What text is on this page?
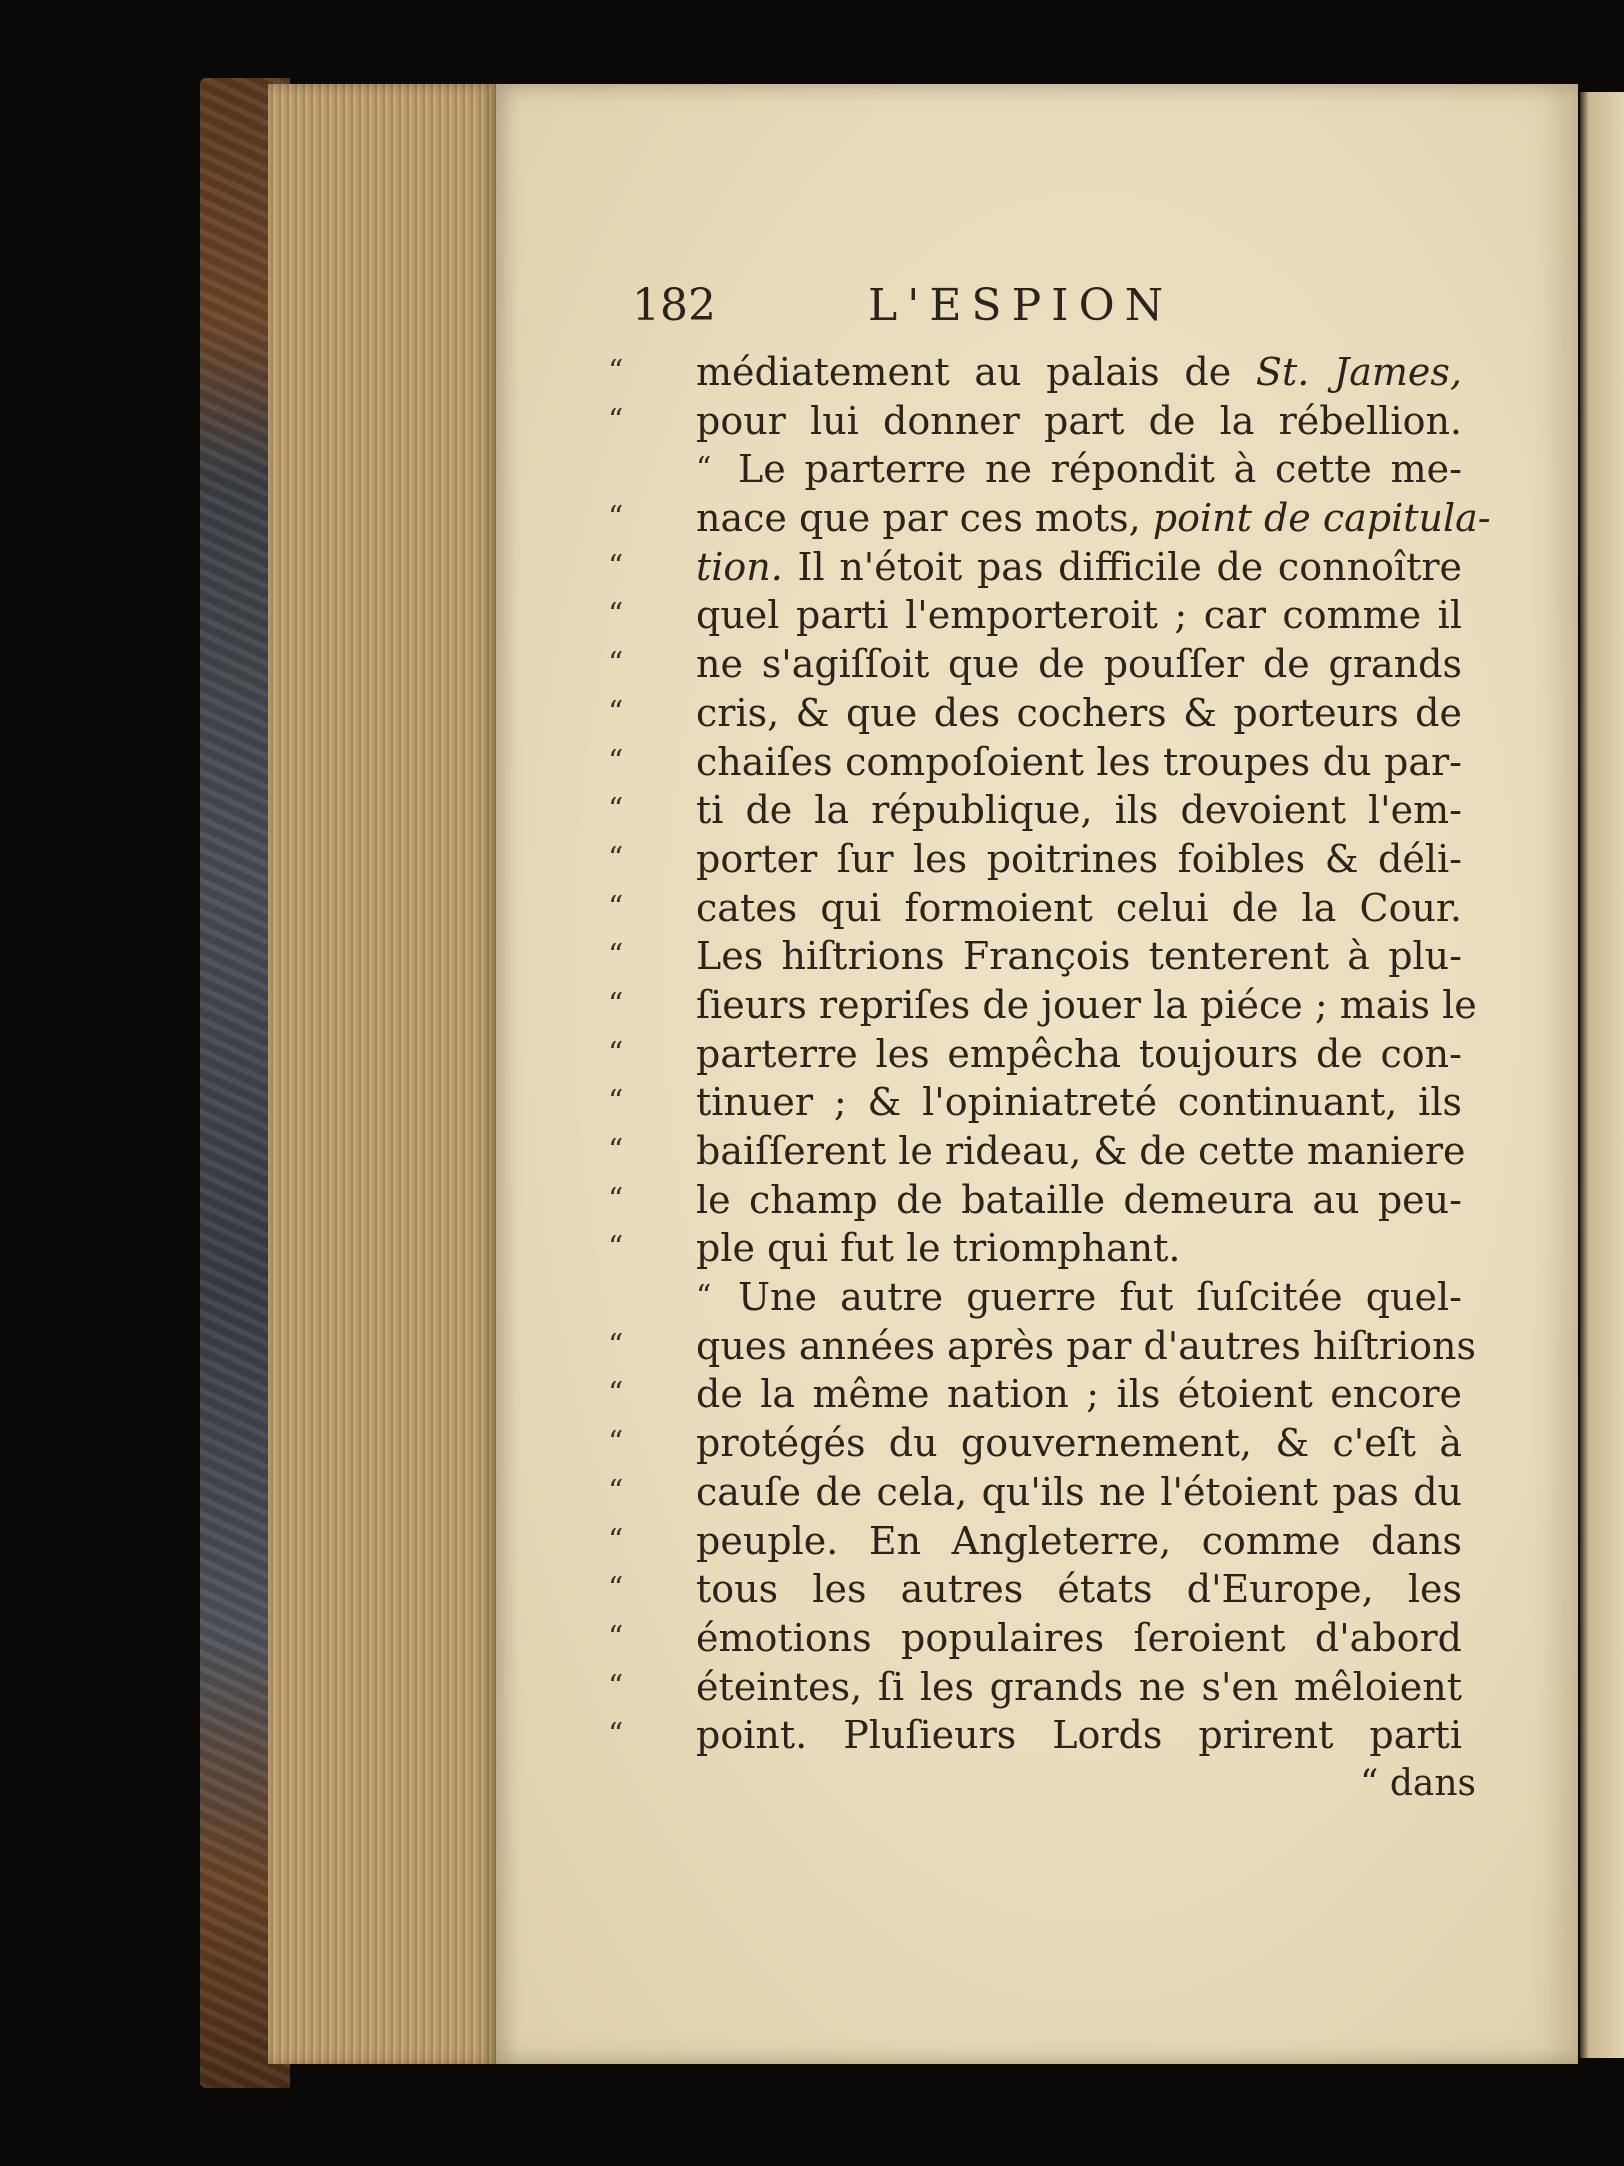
182	L'ESPION
“	médiatement au palais de St. James,
“	pour lui donner part de la rébellion.
“ Le parterre ne répondit à cette me-
“	nace que par ces mots, point de capitula-
“	tion. Il n'étoit pas difficile de connoître
“	quel parti l'emporteroit ; car comme il
“	ne s'agiſſoit que de pouſſer de grands
“	cris, & que des cochers & porteurs de
“	chaiſes compoſoient les troupes du par-
“	ti de la république, ils devoient l'em-
“	porter ſur les poitrines foibles & déli-
“	cates qui formoient celui de la Cour.
“	Les hiſtrions François tenterent à plu-
“	ſieurs repriſes de jouer la piéce ; mais le
“	parterre les empêcha toujours de con-
“	tinuer ; & l'opiniatreté continuant, ils
“	baiſſerent le rideau, & de cette maniere
“	le champ de bataille demeura au peu-
“	ple qui fut le triomphant.
“ Une autre guerre fut ſuſcitée quel-
“	ques années après par d'autres hiſtrions
“	de la même nation ; ils étoient encore
“	protégés du gouvernement, & c'eſt à
“	cauſe de cela, qu'ils ne l'étoient pas du
“	peuple. En Angleterre, comme dans
“	tous les autres états d'Europe, les
“	émotions populaires ſeroient d'abord
“	éteintes, ſi les grands ne s'en mêloient
“	point. Pluſieurs Lords prirent parti
“ dans
